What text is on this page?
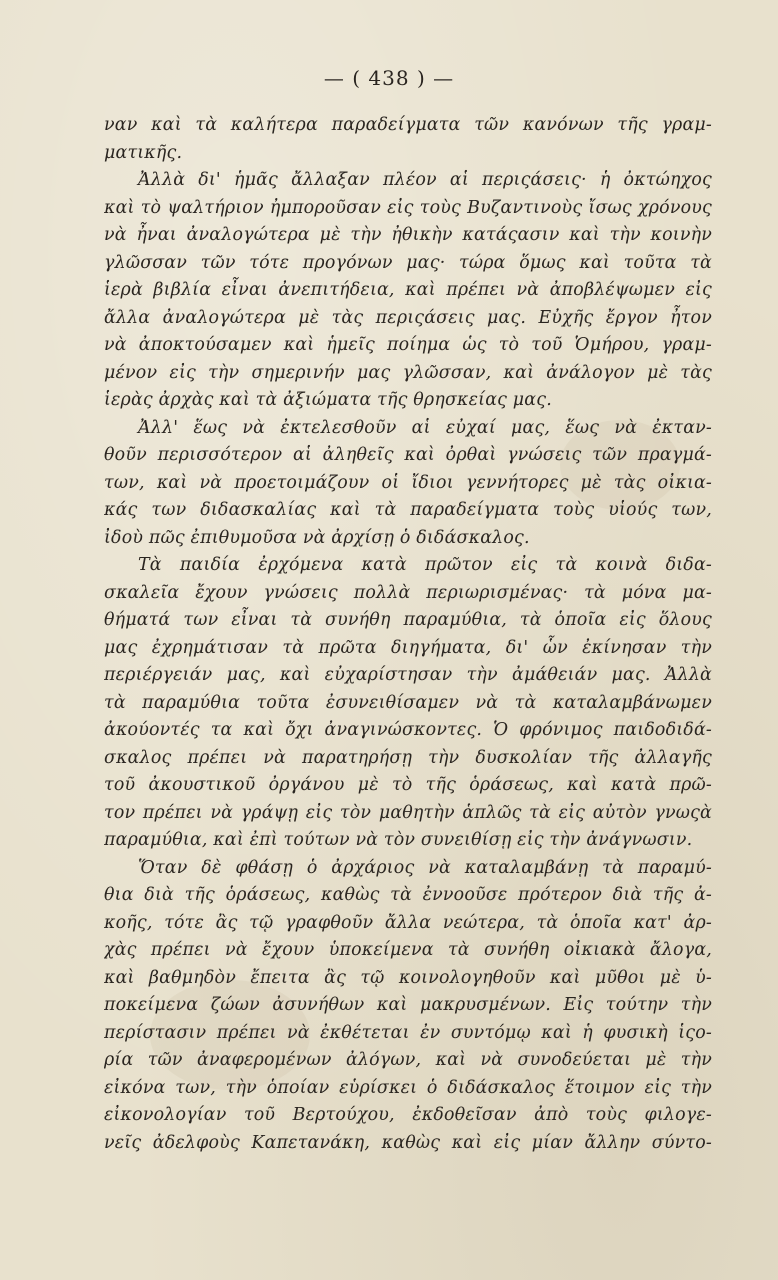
— ( 438 ) —
ναν καὶ τὰ καλήτερα παραδείγματα τῶν κανόνων τῆς γραμ-
ματικῆς.
Ἀλλὰ δι' ἡμᾶς ἄλλαξαν πλέον αἱ περιςάσεις· ἡ ὀκτώηχος
καὶ τὸ ψαλτήριον ἠμποροῦσαν εἰς τοὺς Βυζαντινοὺς ἴσως χρόνους
νὰ ἦναι ἀναλογώτερα μὲ τὴν ἠθικὴν κατάςασιν καὶ τὴν κοινὴν
γλῶσσαν τῶν τότε προγόνων μας· τώρα ὅμως καὶ τοῦτα τὰ
ἱερὰ βιβλία εἶναι ἀνεπιτήδεια, καὶ πρέπει νὰ ἀποβλέψωμεν εἰς
ἄλλα ἀναλογώτερα μὲ τὰς περιςάσεις μας. Εὐχῆς ἔργον ἦτον
νὰ ἀποκτούσαμεν καὶ ἡμεῖς ποίημα ὡς τὸ τοῦ Ὁμήρου, γραμ-
μένον εἰς τὴν σημερινήν μας γλῶσσαν, καὶ ἀνάλογον μὲ τὰς
ἱερὰς ἀρχὰς καὶ τὰ ἀξιώματα τῆς θρησκείας μας.
Ἀλλ' ἕως νὰ ἐκτελεσθοῦν αἱ εὐχαί μας, ἕως νὰ ἐκταν-
θοῦν περισσότερον αἱ ἀληθεῖς καὶ ὀρθαὶ γνώσεις τῶν πραγμά-
των, καὶ νὰ προετοιμάζουν οἱ ἴδιοι γεννήτορες μὲ τὰς οἰκια-
κάς των διδασκαλίας καὶ τὰ παραδείγματα τοὺς υἱούς των,
ἰδοὺ πῶς ἐπιθυμοῦσα νὰ ἀρχίσῃ ὁ διδάσκαλος.
Τὰ παιδία ἐρχόμενα κατὰ πρῶτον εἰς τὰ κοινὰ διδα-
σκαλεῖα ἔχουν γνώσεις πολλὰ περιωρισμένας· τὰ μόνα μα-
θήματά των εἶναι τὰ συνήθη παραμύθια, τὰ ὁποῖα εἰς ὅλους
μας ἐχρημάτισαν τὰ πρῶτα διηγήματα, δι' ὧν ἐκίνησαν τὴν
περιέργειάν μας, καὶ εὐχαρίστησαν τὴν ἀμάθειάν μας. Ἀλλὰ
τὰ παραμύθια τοῦτα ἐσυνειθίσαμεν νὰ τὰ καταλαμβάνωμεν
ἀκούοντές τα καὶ ὄχι ἀναγινώσκοντες. Ὁ φρόνιμος παιδοδιδά-
σκαλος πρέπει νὰ παρατηρήσῃ τὴν δυσκολίαν τῆς ἀλλαγῆς
τοῦ ἀκουστικοῦ ὀργάνου μὲ τὸ τῆς ὁράσεως, καὶ κατὰ πρῶ-
τον πρέπει νὰ γράψῃ εἰς τὸν μαθητὴν ἁπλῶς τὰ εἰς αὐτὸν γνωςὰ
παραμύθια, καὶ ἐπὶ τούτων νὰ τὸν συνειθίσῃ εἰς τὴν ἀνάγνωσιν.
Ὅταν δὲ φθάσῃ ὁ ἀρχάριος νὰ καταλαμβάνῃ τὰ παραμύ-
θια διὰ τῆς ὁράσεως, καθὼς τὰ ἐννοοῦσε πρότερον διὰ τῆς ἀ-
κοῆς, τότε ἂς τῷ γραφθοῦν ἄλλα νεώτερα, τὰ ὁποῖα κατ' ἀρ-
χὰς πρέπει νὰ ἔχουν ὑποκείμενα τὰ συνήθη οἰκιακὰ ἄλογα,
καὶ βαθμηδὸν ἔπειτα ἂς τῷ κοινολογηθοῦν καὶ μῦθοι μὲ ὑ-
ποκείμενα ζώων ἀσυνήθων καὶ μακρυσμένων. Εἰς τούτην τὴν
περίστασιν πρέπει νὰ ἐκθέτεται ἐν συντόμῳ καὶ ἡ φυσικὴ ἱςο-
ρία τῶν ἀναφερομένων ἀλόγων, καὶ νὰ συνοδεύεται μὲ τὴν
εἰκόνα των, τὴν ὁποίαν εὑρίσκει ὁ διδάσκαλος ἕτοιμον εἰς τὴν
εἰκονολογίαν τοῦ Βερτούχου, ἐκδοθεῖσαν ἀπὸ τοὺς φιλογε-
νεῖς ἀδελφοὺς Καπετανάκη, καθὼς καὶ εἰς μίαν ἄλλην σύντο-
